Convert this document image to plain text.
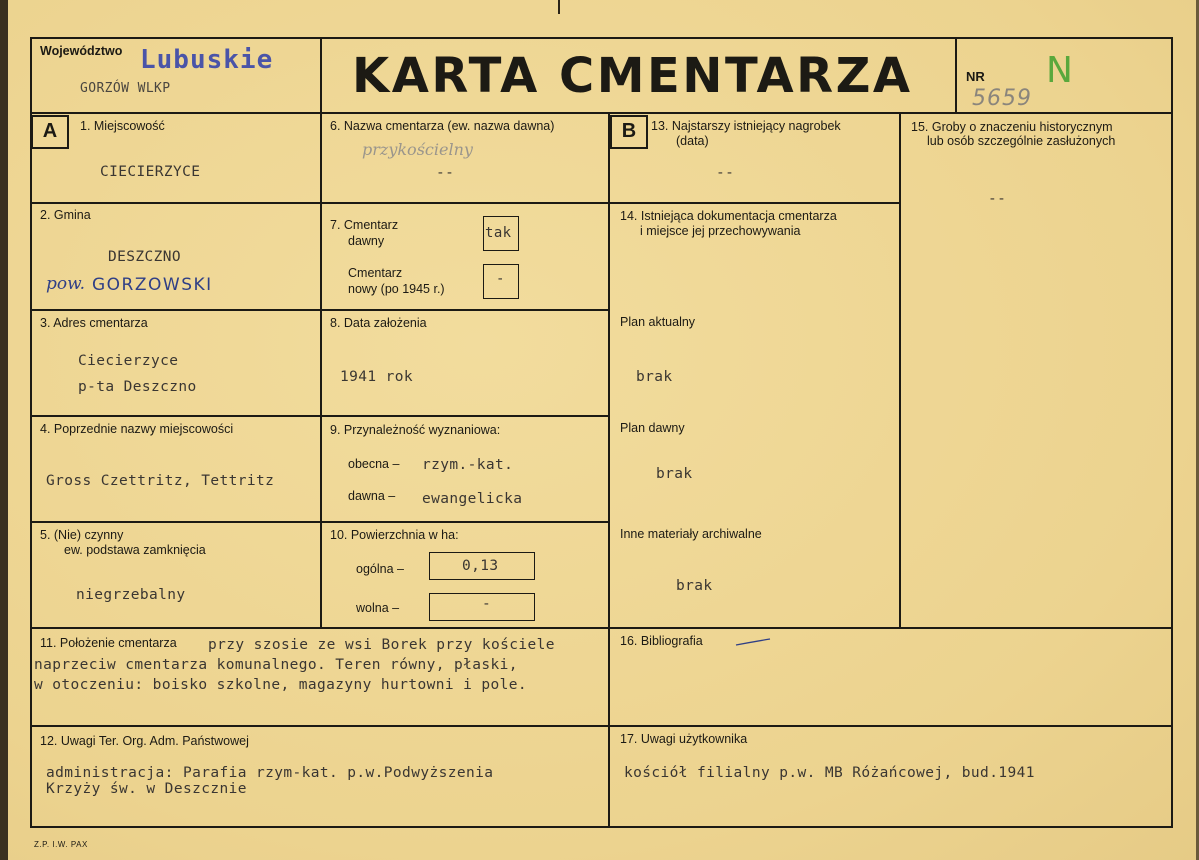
Województwo Lubuskie
GORZÓW WLKP	KARTA CMENTARZA	NR
5659
N
A	B
1. Miejscowość
CIECIERZYCE
2. Gmina
DESZCZNO
pow. GORZOWSKI
3. Adres cmentarza
Ciecierzyce
p-ta Deszczno
4. Poprzednie nazwy miejscowości
Gross Czettritz, Tettritz
5. (Nie) czynny
ew. podstawa zamknięcia
niegrzebalny
6. Nazwa cmentarza (ew. nazwa dawna)
przykościelny
--
7. Cmentarz
dawny	tak
Cmentarz
nowy (po 1945 r.)
-
8. Data założenia
1941 rok
9. Przynależność wyznaniowa:
obecna – rzym.-kat.
dawna – ewangelicka
10. Powierzchnia w ha:
ogólna –	0,13
wolna –	-
11. Położenie cmentarza przy szosie ze wsi Borek przy kościele
naprzeciw cmentarza komunalnego. Teren równy, płaski,
w otoczeniu: boisko szkolne, magazyny hurtowni i pole.
12. Uwagi Ter. Org. Adm. Państwowej
administracja: Parafia rzym-kat. p.w.Podwyższenia
Krzyży św. w Deszcznie
13. Najstarszy istniejący nagrobek
(data)
--
14. Istniejąca dokumentacja cmentarza
i miejsce jej przechowywania
Plan aktualny
brak
Plan dawny
brak
Inne materiały archiwalne
brak
15. Groby o znaczeniu historycznym
lub osób szczególnie zasłużonych
--
16. Bibliografia
17. Uwagi użytkownika
kościół filialny p.w. MB Różańcowej, bud.1941
Z.P. I.W. PAX
